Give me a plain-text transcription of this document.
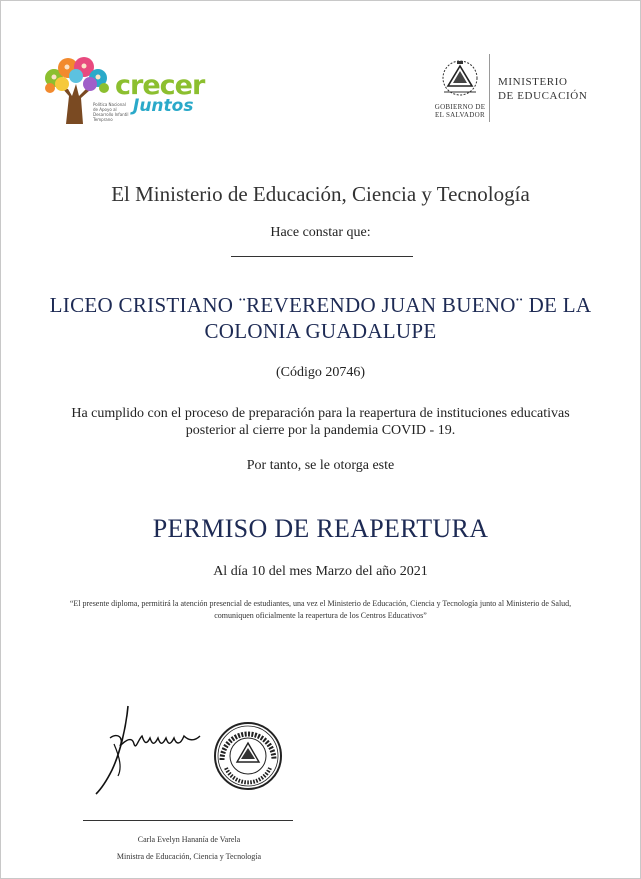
crecer
Juntos
Política Nacional de Apoyo al Desarrollo Infantil Temprano
GOBIERNO DE
EL SALVADOR
MINISTERIO
DE EDUCACIÓN
El Ministerio de Educación, Ciencia y Tecnología
Hace constar que:
LICEO CRISTIANO ¨REVERENDO JUAN BUENO¨ DE LA COLONIA GUADALUPE
(Código 20746)
Ha cumplido con el proceso de preparación para la reapertura de instituciones educativas posterior al cierre por la pandemia COVID - 19.
Por tanto, se le otorga este
PERMISO DE REAPERTURA
Al día 10 del mes Marzo del año 2021
“El presente diploma, permitirá la atención presencial de estudiantes, una vez el Ministerio de Educación, Ciencia y Tecnología junto al Ministerio de Salud, comuniquen oficialmente la reapertura de los Centros Educativos”
Carla Evelyn Hananía de Varela
Ministra de Educación, Ciencia y Tecnología
